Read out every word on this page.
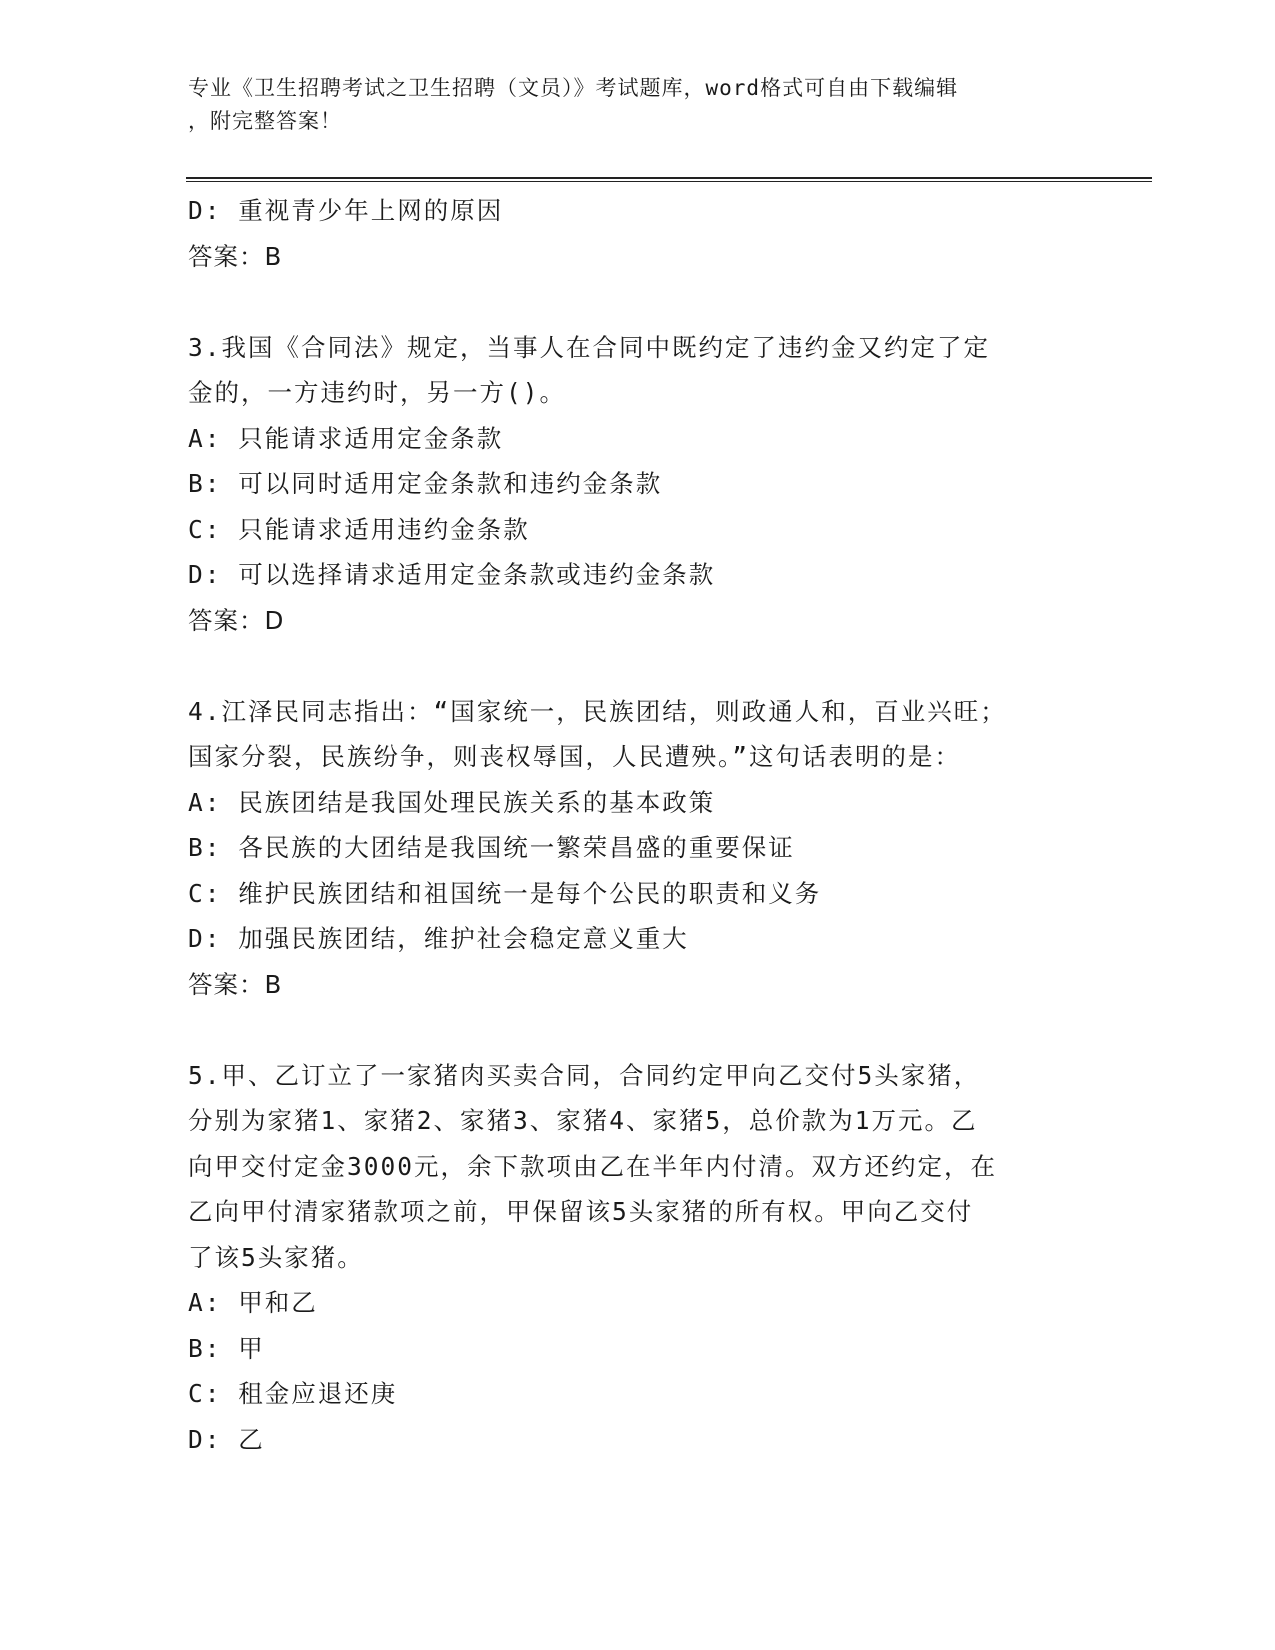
专业《卫生招聘考试之卫生招聘（文员）》考试题库，word格式可自由下载编辑
，附完整答案！
D: 重视青少年上网的原因
答案：B
3.我国《合同法》规定，当事人在合同中既约定了违约金又约定了定
金的，一方违约时，另一方()。
A: 只能请求适用定金条款
B: 可以同时适用定金条款和违约金条款
C: 只能请求适用违约金条款
D: 可以选择请求适用定金条款或违约金条款
答案：D
4.江泽民同志指出：“国家统一，民族团结，则政通人和，百业兴旺；
国家分裂，民族纷争，则丧权辱国，人民遭殃。”这句话表明的是：
A: 民族团结是我国处理民族关系的基本政策
B: 各民族的大团结是我国统一繁荣昌盛的重要保证
C: 维护民族团结和祖国统一是每个公民的职责和义务
D: 加强民族团结，维护社会稳定意义重大
答案：B
5.甲、乙订立了一家猪肉买卖合同，合同约定甲向乙交付5头家猪，
分别为家猪1、家猪2、家猪3、家猪4、家猪5，总价款为1万元。乙
向甲交付定金3000元，余下款项由乙在半年内付清。双方还约定，在
乙向甲付清家猪款项之前，甲保留该5头家猪的所有权。甲向乙交付
了该5头家猪。
A: 甲和乙
B: 甲
C: 租金应退还庚
D: 乙
